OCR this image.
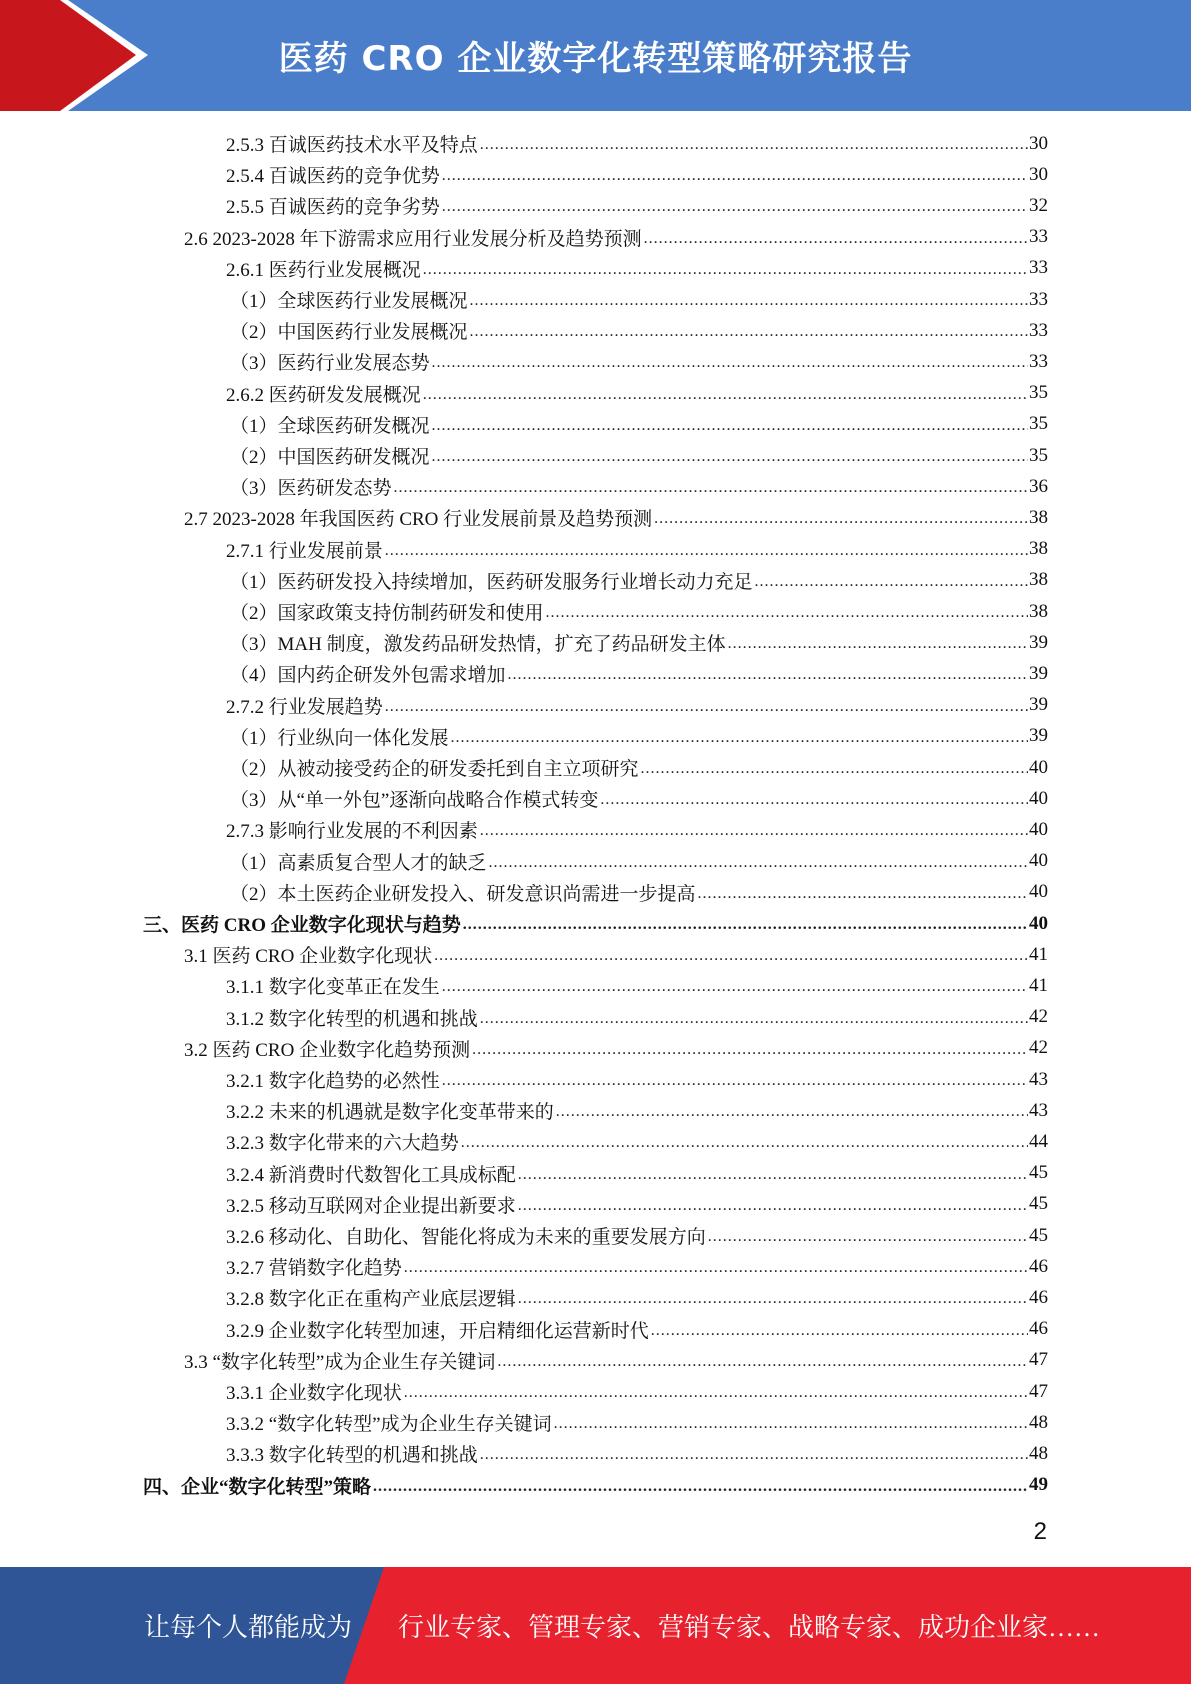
医药 CRO 企业数字化转型策略研究报告
2.5.3 百诚医药技术水平及特点 .....	30
2.5.4 百诚医药的竞争优势 .....	30
2.5.5 百诚医药的竞争劣势 .....	32
2.6 2023-2028 年下游需求应用行业发展分析及趋势预测 .....	33
2.6.1 医药行业发展概况 .....	33
（1）全球医药行业发展概况 .....	33
（2）中国医药行业发展概况 .....	33
（3）医药行业发展态势 .....	33
2.6.2 医药研发发展概况 .....	35
（1）全球医药研发概况 .....	35
（2）中国医药研发概况 .....	35
（3）医药研发态势 .....	36
2.7 2023-2028 年我国医药 CRO 行业发展前景及趋势预测 .....	38
2.7.1 行业发展前景 .....	38
（1）医药研发投入持续增加，医药研发服务行业增长动力充足 .....	38
（2）国家政策支持仿制药研发和使用 .....	38
（3）MAH 制度，激发药品研发热情，扩充了药品研发主体 .....	39
（4）国内药企研发外包需求增加 .....	39
2.7.2 行业发展趋势 .....	39
（1）行业纵向一体化发展 .....	39
（2）从被动接受药企的研发委托到自主立项研究 .....	40
（3）从“单一外包”逐渐向战略合作模式转变 .....	40
2.7.3 影响行业发展的不利因素 .....	40
（1）高素质复合型人才的缺乏 .....	40
（2）本土医药企业研发投入、研发意识尚需进一步提高 .....	40
三、医药 CRO 企业数字化现状与趋势 .....	40
3.1 医药 CRO 企业数字化现状 .....	41
3.1.1 数字化变革正在发生 .....	41
3.1.2 数字化转型的机遇和挑战 .....	42
3.2 医药 CRO 企业数字化趋势预测 .....	42
3.2.1 数字化趋势的必然性 .....	43
3.2.2 未来的机遇就是数字化变革带来的 .....	43
3.2.3 数字化带来的六大趋势 .....	44
3.2.4 新消费时代数智化工具成标配 .....	45
3.2.5 移动互联网对企业提出新要求 .....	45
3.2.6 移动化、自助化、智能化将成为未来的重要发展方向 .....	45
3.2.7 营销数字化趋势 .....	46
3.2.8 数字化正在重构产业底层逻辑 .....	46
3.2.9 企业数字化转型加速，开启精细化运营新时代 .....	46
3.3 “数字化转型”成为企业生存关键词 .....	47
3.3.1 企业数字化现状 .....	47
3.3.2 “数字化转型”成为企业生存关键词 .....	48
3.3.3 数字化转型的机遇和挑战 .....	48
四、企业“数字化转型”策略 .....	49
2
让每个人都能成为 行业专家、管理专家、营销专家、战略专家、成功企业家……
